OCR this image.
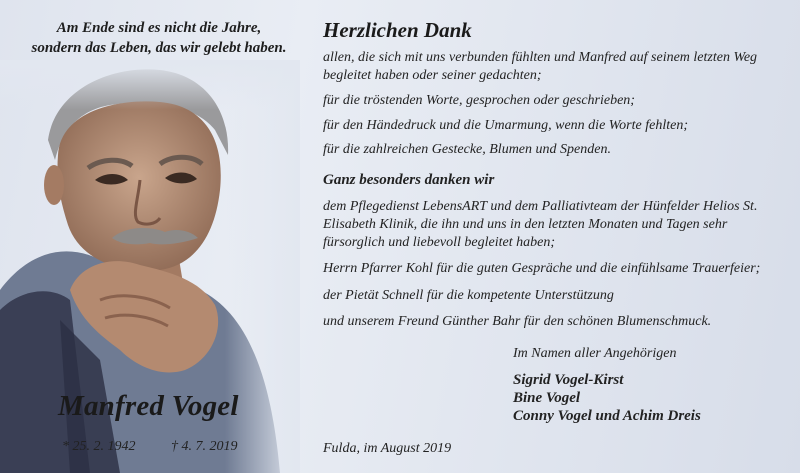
Am Ende sind es nicht die Jahre,
sondern das Leben, das wir gelebt haben.
Manfred Vogel
* 25. 2. 1942	† 4. 7. 2019
Herzlichen Dank
allen, die sich mit uns verbunden fühlten und Manfred auf seinem letzten Weg begleitet haben oder seiner gedachten;
für die tröstenden Worte, gesprochen oder geschrieben;
für den Händedruck und die Umarmung, wenn die Worte fehlten;
für die zahlreichen Gestecke, Blumen und Spenden.
Ganz besonders danken wir
dem Pflegedienst LebensART und dem Palliativteam der Hünfelder Helios St. Elisabeth Klinik, die ihn und uns in den letzten Monaten und Tagen sehr fürsorglich und liebevoll begleitet haben;
Herrn Pfarrer Kohl für die guten Gespräche und die einfühlsame Trauerfeier;
der Pietät Schnell für die kompetente Unterstützung
und unserem Freund Günther Bahr für den schönen Blumenschmuck.
Im Namen aller Angehörigen
Sigrid Vogel-Kirst
Bine Vogel
Conny Vogel und Achim Dreis
Fulda, im August 2019
